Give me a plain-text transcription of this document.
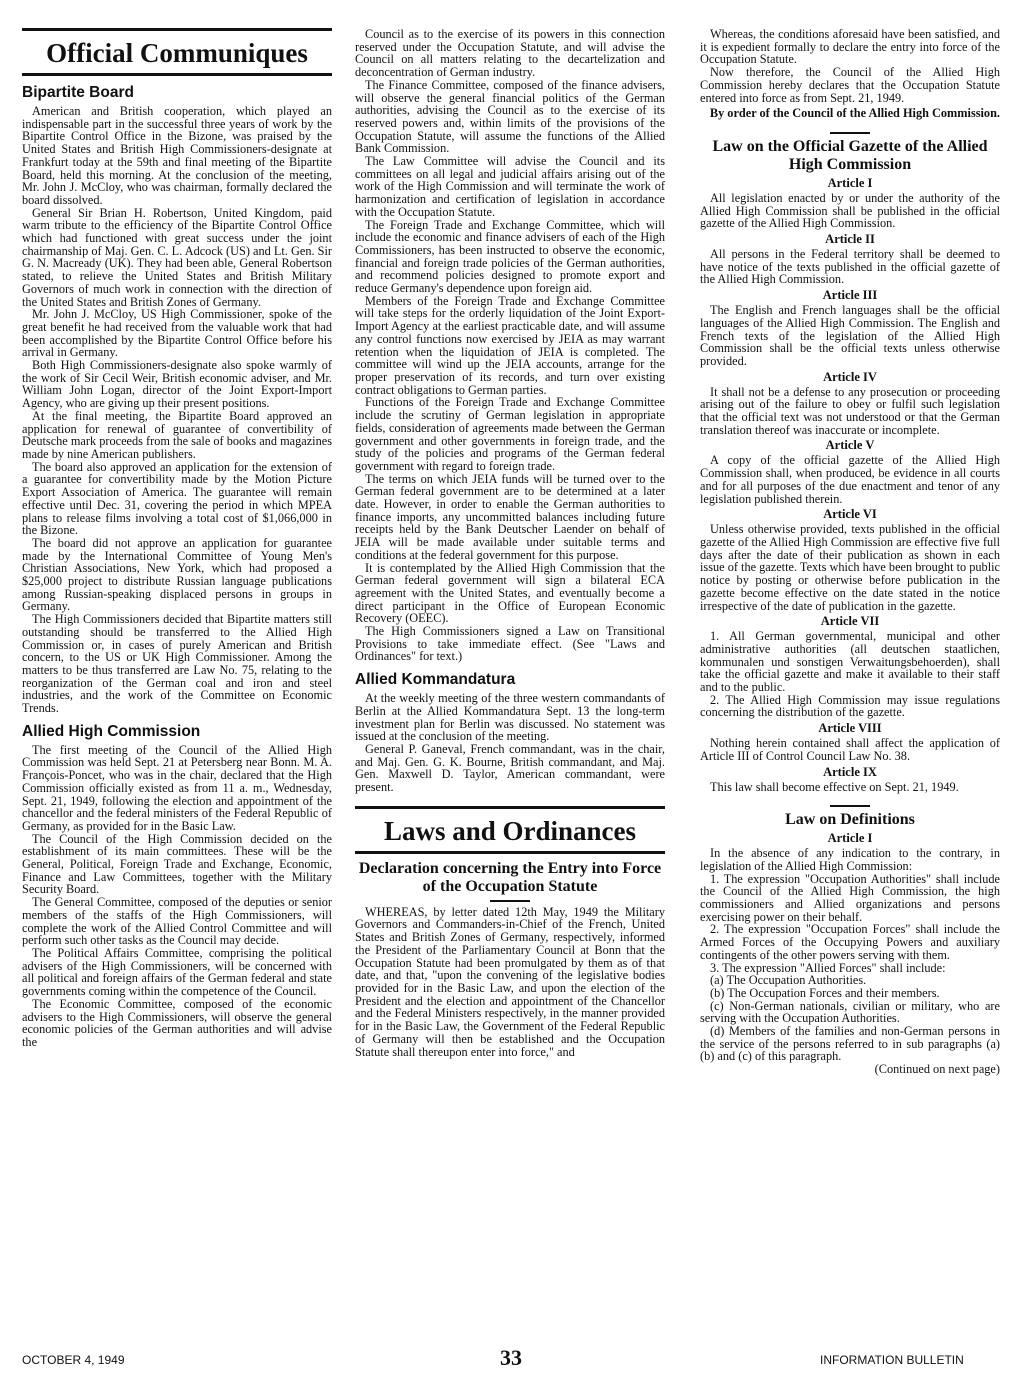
Official Communiques
Bipartite Board

American and British cooperation, which played an indispensable part in the successful three years of work by the Bipartite Control Office in the Bizone, was praised by the United States and British High Commissioners-designate at Frankfurt today at the 59th and final meeting of the Bipartite Board, held this morning. At the conclusion of the meeting, Mr. John J. McCloy, who was chairman, formally declared the board dissolved.

General Sir Brian H. Robertson, United Kingdom, paid warm tribute to the efficiency of the Bipartite Control Office which had functioned with great success under the joint chairmanship of Maj. Gen. C. L. Adcock (US) and Lt. Gen. Sir G. N. Macready (UK). They had been able, General Robertson stated, to relieve the United States and British Military Governors of much work in connection with the direction of the United States and British Zones of Germany.

Mr. John J. McCloy, US High Commissioner, spoke of the great benefit he had received from the valuable work that had been accomplished by the Bipartite Control Office before his arrival in Germany.

Both High Commissioners-designate also spoke warmly of the work of Sir Cecil Weir, British economic adviser, and Mr. William John Logan, director of the Joint Export-Import Agency, who are giving up their present positions.

At the final meeting, the Bipartite Board approved an application for renewal of guarantee of convertibility of Deutsche mark proceeds from the sale of books and magazines made by nine American publishers.

The board also approved an application for the extension of a guarantee for convertibility made by the Motion Picture Export Association of America. The guarantee will remain effective until Dec. 31, covering the period in which MPEA plans to release films involving a total cost of $1,066,000 in the Bizone.

The board did not approve an application for guarantee made by the International Committee of Young Men's Christian Associations, New York, which had proposed a $25,000 project to distribute Russian language publications among Russian-speaking displaced persons in groups in Germany.

The High Commissioners decided that Bipartite matters still outstanding should be transferred to the Allied High Commission or, in cases of purely American and British concern, to the US or UK High Commissioner. Among the matters to be thus transferred are Law No. 75, relating to the reorganization of the German coal and iron and steel industries, and the work of the Committee on Economic Trends.

Allied High Commission

The first meeting of the Council of the Allied High Commission was held Sept. 21 at Petersberg near Bonn. M. A. François-Poncet, who was in the chair, declared that the High Commission officially existed as from 11 a. m., Wednesday, Sept. 21, 1949, following the election and appointment of the chancellor and the federal ministers of the Federal Republic of Germany, as provided for in the Basic Law.

The Council of the High Commission decided on the establishment of its main committees. These will be the General, Political, Foreign Trade and Exchange, Economic, Finance and Law Committees, together with the Military Security Board.

The General Committee, composed of the deputies or senior members of the staffs of the High Commissioners, will complete the work of the Allied Control Committee and will perform such other tasks as the Council may decide.

The Political Affairs Committee, comprising the political advisers of the High Commissioners, will be concerned with all political and foreign affairs of the German federal and state governments coming within the competence of the Council.

The Economic Committee, composed of the economic advisers to the High Commissioners, will observe the general economic policies of the German authorities and will advise the

Council as to the exercise of its powers in this connection reserved under the Occupation Statute, and will advise the Council on all matters relating to the decartelization and deconcentration of German industry.

The Finance Committee, composed of the finance advisers, will observe the general financial politics of the German authorities, advising the Council as to the exercise of its reserved powers and, within limits of the provisions of the Occupation Statute, will assume the functions of the Allied Bank Commission.

The Law Committee will advise the Council and its committees on all legal and judicial affairs arising out of the work of the High Commission and will terminate the work of harmonization and certification of legislation in accordance with the Occupation Statute.

The Foreign Trade and Exchange Committee, which will include the economic and finance advisers of each of the High Commissioners, has been instructed to observe the economic, financial and foreign trade policies of the German authorities, and recommend policies designed to promote export and reduce Germany's dependence upon foreign aid.

Members of the Foreign Trade and Exchange Committee will take steps for the orderly liquidation of the Joint Export-Import Agency at the earliest practicable date, and will assume any control functions now exercised by JEIA as may warrant retention when the liquidation of JEIA is completed. The committee will wind up the JEIA accounts, arrange for the proper preservation of its records, and turn over existing contract obligations to German parties.

Functions of the Foreign Trade and Exchange Committee include the scrutiny of German legislation in appropriate fields, consideration of agreements made between the German government and other governments in foreign trade, and the study of the policies and programs of the German federal government with regard to foreign trade.

The terms on which JEIA funds will be turned over to the German federal government are to be determined at a later date. However, in order to enable the German authorities to finance imports, any uncommitted balances including future receipts held by the Bank Deutscher Laender on behalf of JEIA will be made available under suitable terms and conditions at the federal government for this purpose.

It is contemplated by the Allied High Commission that the German federal government will sign a bilateral ECA agreement with the United States, and eventually become a direct participant in the Office of European Economic Recovery (OEEC).

The High Commissioners signed a Law on Transitional Provisions to take immediate effect. (See "Laws and Ordinances" for text.)

Allied Kommandatura

At the weekly meeting of the three western commandants of Berlin at the Allied Kommandatura Sept. 13 the long-term investment plan for Berlin was discussed. No statement was issued at the conclusion of the meeting.

General P. Ganeval, French commandant, was in the chair, and Maj. Gen. G. K. Bourne, British commandant, and Maj. Gen. Maxwell D. Taylor, American commandant, were present.

Laws and Ordinances
Declaration concerning the Entry into Force of the Occupation Statute

WHEREAS, by letter dated 12th May, 1949 the Military Governors and Commanders-in-Chief of the French, United States and British Zones of Germany, respectively, informed the President of the Parliamentary Council at Bonn that the Occupation Statute had been promulgated by them as of that date, and that, "upon the convening of the legislative bodies provided for in the Basic Law, and upon the election of the President and the election and appointment of the Chancellor and the Federal Ministers respectively, in the manner provided for in the Basic Law, the Government of the Federal Republic of Germany will then be established and the Occupation Statute shall thereupon enter into force," and

Whereas, the conditions aforesaid have been satisfied, and it is expedient formally to declare the entry into force of the Occupation Statute.

Now therefore, the Council of the Allied High Commission hereby declares that the Occupation Statute entered into force as from Sept. 21, 1949.

By order of the Council of the Allied High Commission.
Law on the Official Gazette of the Allied High Commission
Article I

All legislation enacted by or under the authority of the Allied High Commission shall be published in the official gazette of the Allied High Commission.

Article II

All persons in the Federal territory shall be deemed to have notice of the texts published in the official gazette of the Allied High Commission.

Article III

The English and French languages shall be the official languages of the Allied High Commission. The English and French texts of the legislation of the Allied High Commission shall be the official texts unless otherwise provided.

Article IV

It shall not be a defense to any prosecution or proceeding arising out of the failure to obey or fulfil such legislation that the official text was not understood or that the German translation thereof was inaccurate or incomplete.

Article V

A copy of the official gazette of the Allied High Commission shall, when produced, be evidence in all courts and for all purposes of the due enactment and tenor of any legislation published therein.

Article VI

Unless otherwise provided, texts published in the official gazette of the Allied High Commission are effective five full days after the date of their publication as shown in each issue of the gazette. Texts which have been brought to public notice by posting or otherwise before publication in the gazette become effective on the date stated in the notice irrespective of the date of publication in the gazette.

Article VII

1. All German governmental, municipal and other administrative authorities (all deutschen staatlichen, kommunalen und sonstigen Verwaitungsbehoerden), shall take the official gazette and make it available to their staff and to the public.

2. The Allied High Commission may issue regulations concerning the distribution of the gazette.

Article VIII

Nothing herein contained shall affect the application of Article III of Control Council Law No. 38.

Article IX

This law shall become effective on Sept. 21, 1949.

Law on Definitions
Article I

In the absence of any indication to the contrary, in legislation of the Allied High Commission:

1. The expression "Occupation Authorities" shall include the Council of the Allied High Commission, the high commissioners and Allied organizations and persons exercising power on their behalf.

2. The expression "Occupation Forces" shall include the Armed Forces of the Occupying Powers and auxiliary contingents of the other powers serving with them.

3. The expression "Allied Forces" shall include:

(a) The Occupation Authorities.

(b) The Occupation Forces and their members.

(c) Non-German nationals, civilian or military, who are serving with the Occupation Authorities.

(d) Members of the families and non-German persons in the service of the persons referred to in sub paragraphs (a) (b) and (c) of this paragraph.

(Continued on next page)
OCTOBER 4, 1949	33	INFORMATION BULLETIN
